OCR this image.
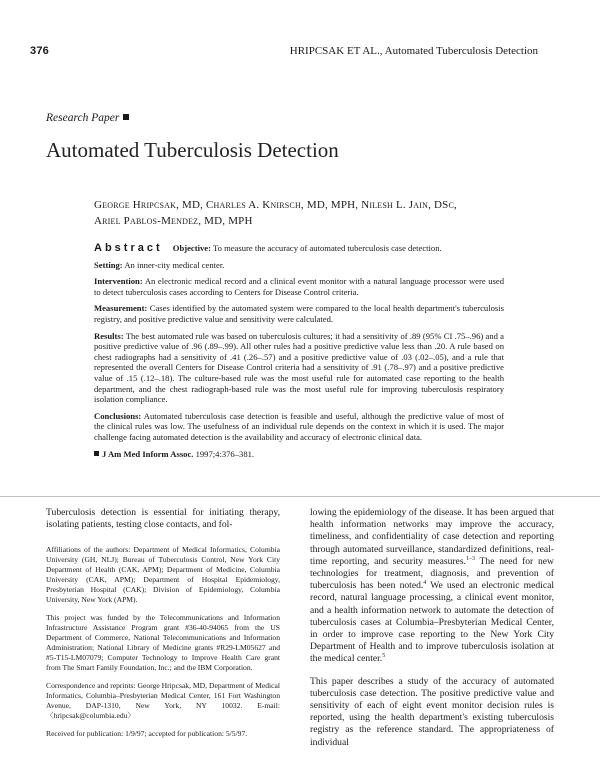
376	HRIPCSAK ET AL., Automated Tuberculosis Detection
Research Paper
Automated Tuberculosis Detection
George Hripcsak, MD, Charles A. Knirsch, MD, MPH, Nilesh L. Jain, DSc,
Ariel Pablos-Mendez, MD, MPH

Abstract Objective: To measure the accuracy of automated tuberculosis case detection.

Setting: An inner-city medical center.

Intervention: An electronic medical record and a clinical event monitor with a natural language processor were used to detect tuberculosis cases according to Centers for Disease Control criteria.

Measurement: Cases identified by the automated system were compared to the local health department's tuberculosis registry, and positive predictive value and sensitivity were calculated.

Results: The best automated rule was based on tuberculosis cultures; it had a sensitivity of .89 (95% CI .75–.96) and a positive predictive value of .96 (.89–.99). All other rules had a positive predictive value less than .20. A rule based on chest radiographs had a sensitivity of .41 (.26–.57) and a positive predictive value of .03 (.02–.05), and a rule that represented the overall Centers for Disease Control criteria had a sensitivity of .91 (.78–.97) and a positive predictive value of .15 (.12–.18). The culture-based rule was the most useful rule for automated case reporting to the health department, and the chest radiograph-based rule was the most useful rule for improving tuberculosis respiratory isolation compliance.

Conclusions: Automated tuberculosis case detection is feasible and useful, although the predictive value of most of the clinical rules was low. The usefulness of an individual rule depends on the context in which it is used. The major challenge facing automated detection is the availability and accuracy of electronic clinical data.

J Am Med Inform Assoc. 1997;4:376–381.

Tuberculosis detection is essential for initiating therapy, isolating patients, testing close contacts, and fol-

Affiliations of the authors: Department of Medical Informatics, Columbia University (GH, NLJ); Bureau of Tuberculosis Control, New York City Department of Health (CAK, APM); Department of Medicine, Columbia University (CAK, APM); Department of Hospital Epidemiology, Presbyterian Hospital (CAK); Division of Epidemiology, Columbia University, New York (APM).

This project was funded by the Telecommunications and Information Infrastructure Assistance Program grant #36-40-94065 from the US Department of Commerce, National Telecommunications and Information Administration; National Library of Medicine grants #R29-LM05627 and #5-T15-LM07079; Computer Technology to Improve Health Care grant from The Smart Family Foundation, Inc.; and the IBM Corporation.

Correspondence and reprints: George Hripcsak, MD, Department of Medical Informatics, Columbia–Presbyterian Medical Center, 161 Fort Washington Avenue, DAP-1310, New York, NY 10032. E-mail: 〈hripcsak@columbia.edu〉

Received for publication: 1/9/97; accepted for publication: 5/5/97.

lowing the epidemiology of the disease. It has been argued that health information networks may improve the accuracy, timeliness, and confidentiality of case detection and reporting through automated surveillance, standardized definitions, real-time reporting, and security measures.$^{1-3}$ The need for new technologies for treatment, diagnosis, and prevention of tuberculosis has been noted.$^4$ We used an electronic medical record, natural language processing, a clinical event monitor, and a health information network to automate the detection of tuberculosis cases at Columbia–Presbyterian Medical Center, in order to improve case reporting to the New York City Department of Health and to improve tuberculosis isolation at the medical center.$^5$

This paper describes a study of the accuracy of automated tuberculosis case detection. The positive predictive value and sensitivity of each of eight event monitor decision rules is reported, using the health department's existing tuberculosis registry as the reference standard. The appropriateness of individual
